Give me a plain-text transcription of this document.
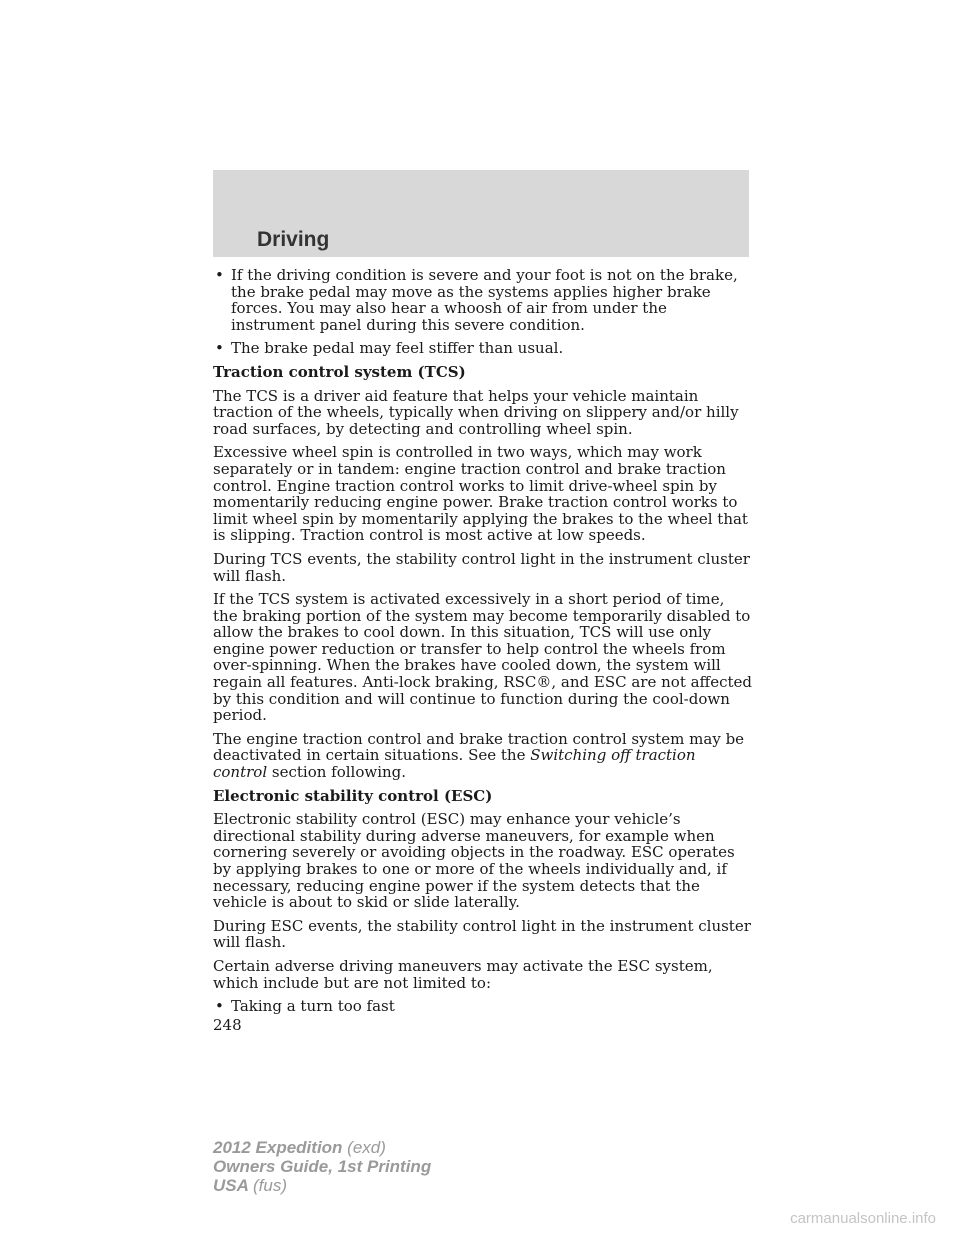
Driving
• If the driving condition is severe and your foot is not on the brake, the brake pedal may move as the systems applies higher brake forces. You may also hear a whoosh of air from under the instrument panel during this severe condition.
• The brake pedal may feel stiffer than usual.
Traction control system (TCS)

The TCS is a driver aid feature that helps your vehicle maintain traction of the wheels, typically when driving on slippery and/or hilly road surfaces, by detecting and controlling wheel spin.

Excessive wheel spin is controlled in two ways, which may work separately or in tandem: engine traction control and brake traction control. Engine traction control works to limit drive-wheel spin by momentarily reducing engine power. Brake traction control works to limit wheel spin by momentarily applying the brakes to the wheel that is slipping. Traction control is most active at low speeds.

During TCS events, the stability control light in the instrument cluster will flash.

If the TCS system is activated excessively in a short period of time, the braking portion of the system may become temporarily disabled to allow the brakes to cool down. In this situation, TCS will use only engine power reduction or transfer to help control the wheels from over-spinning. When the brakes have cooled down, the system will regain all features. Anti-lock braking, RSC®, and ESC are not affected by this condition and will continue to function during the cool-down period.

The engine traction control and brake traction control system may be deactivated in certain situations. See the Switching off traction control section following.

Electronic stability control (ESC)

Electronic stability control (ESC) may enhance your vehicle’s directional stability during adverse maneuvers, for example when cornering severely or avoiding objects in the roadway. ESC operates by applying brakes to one or more of the wheels individually and, if necessary, reducing engine power if the system detects that the vehicle is about to skid or slide laterally.

During ESC events, the stability control light in the instrument cluster will flash.

Certain adverse driving maneuvers may activate the ESC system, which include but are not limited to:

• Taking a turn too fast
248
2012 Expedition (exd)
Owners Guide, 1st Printing
USA (fus)
carmanualsonline.info
